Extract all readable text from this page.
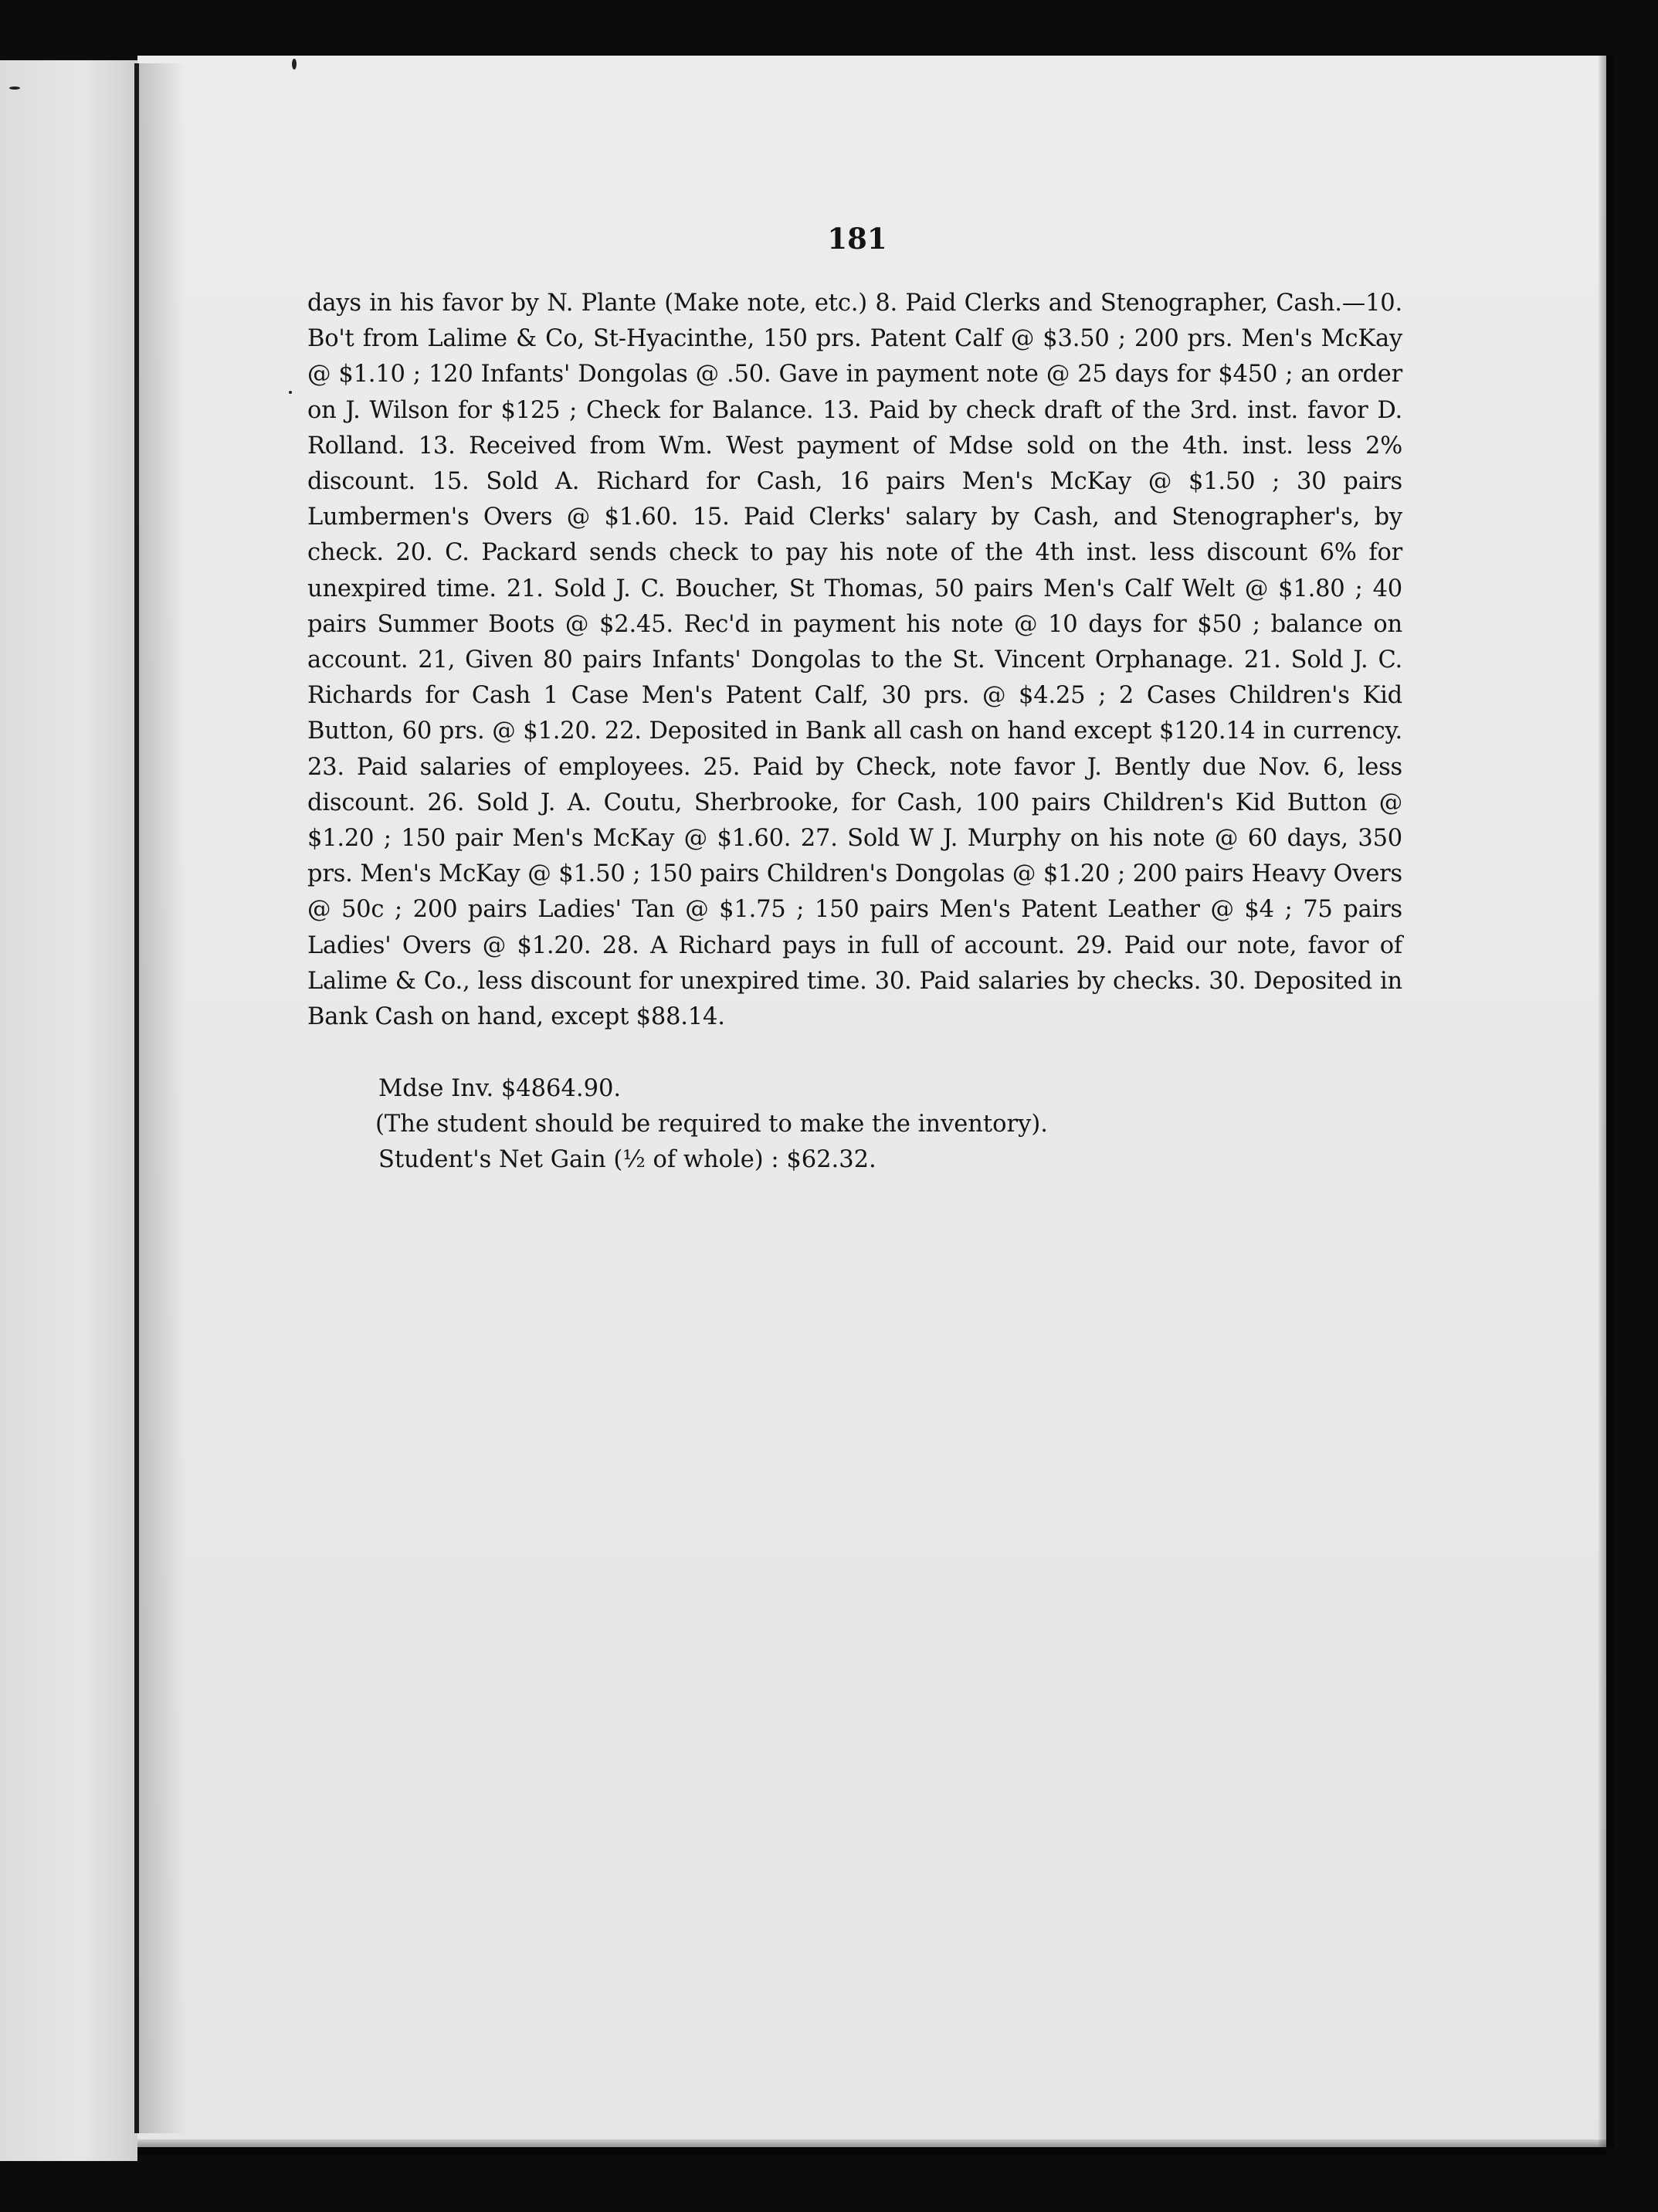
181

days in his favor by N. Plante (Make note, etc.) 8. Paid Clerks and Stenographer, Cash.—10. Bo't from Lalime & Co, St-Hyacinthe, 150 prs. Patent Calf @ $3.50 ; 200 prs. Men's McKay @ $1.10 ; 120 Infants' Dongolas @ .50. Gave in payment note @ 25 days for $450 ; an order on J. Wilson for $125 ; Check for Balance. 13. Paid by check draft of the 3rd. inst. favor D. Rolland. 13. Received from Wm. West payment of Mdse sold on the 4th. inst. less 2% discount. 15. Sold A. Richard for Cash, 16 pairs Men's McKay @ $1.50 ; 30 pairs Lumbermen's Overs @ $1.60. 15. Paid Clerks' salary by Cash, and Stenographer's, by check. 20. C. Packard sends check to pay his note of the 4th inst. less discount 6% for unexpired time. 21. Sold J. C. Boucher, St Thomas, 50 pairs Men's Calf Welt @ $1.80 ; 40 pairs Summer Boots @ $2.45. Rec'd in payment his note @ 10 days for $50 ; balance on account. 21, Given 80 pairs Infants' Dongolas to the St. Vincent Orphanage. 21. Sold J. C. Richards for Cash 1 Case Men's Patent Calf, 30 prs. @ $4.25 ; 2 Cases Children's Kid Button, 60 prs. @ $1.20. 22. Deposited in Bank all cash on hand except $120.14 in currency. 23. Paid salaries of employees. 25. Paid by Check, note favor J. Bently due Nov. 6, less discount. 26. Sold J. A. Coutu, Sherbrooke, for Cash, 100 pairs Children's Kid Button @ $1.20 ; 150 pair Men's McKay @ $1.60. 27. Sold W J. Murphy on his note @ 60 days, 350 prs. Men's McKay @ $1.50 ; 150 pairs Children's Dongolas @ $1.20 ; 200 pairs Heavy Overs @ 50c ; 200 pairs Ladies' Tan @ $1.75 ; 150 pairs Men's Patent Leather @ $4 ; 75 pairs Ladies' Overs @ $1.20. 28. A Richard pays in full of account. 29. Paid our note, favor of Lalime & Co., less discount for unexpired time. 30. Paid salaries by checks. 30. Deposited in Bank Cash on hand, except $88.14.

Mdse Inv. $4864.90.

(The student should be required to make the inventory).

Student's Net Gain (½ of whole) : $62.32.
